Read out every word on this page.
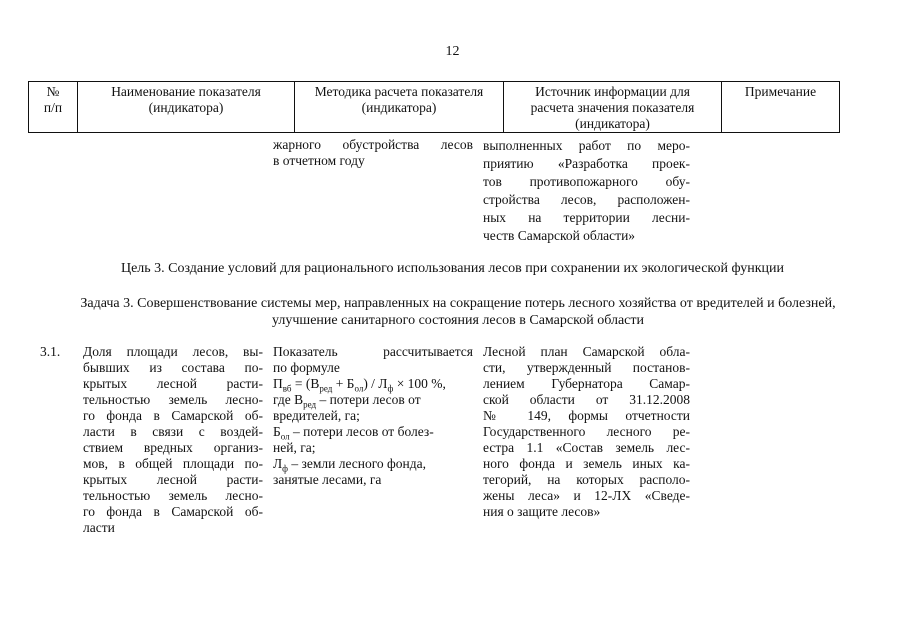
12
№
п/п
Наименование показателя
(индикатора)
Методика расчета показателя
(индикатора)
Источник информации для
расчета значения показателя
(индикатора)
Примечание
жарного обустройства лесов
в отчетном году
выполненных работ по меро-
приятию «Разработка проек-
тов противопожарного обу-
стройства лесов, расположен-
ных на территории лесни-
честв Самарской области»
Цель 3. Создание условий для рационального использования лесов при сохранении их экологической функции
Задача 3. Совершенствование системы мер, направленных на сокращение потерь лесного хозяйства от вредителей и болезней, улучшение санитарного состояния лесов в Самарской области
3.1. Доля площади лесов, вы-
бывших из состава по-
крытых лесной расти-
тельностью земель лесно-
го фонда в Самарской об-
ласти в связи с воздей-
ствием вредных организ-
мов, в общей площади по-
крытых лесной расти-
тельностью земель лесно-
го фонда в Самарской об-
ласти
Показатель рассчитывается
по формуле
$П_{вб} = (В_{ред} + Б_{ол}) / Л_ф \times 100$ %,
где $В_{ред}$ – потери лесов от
вредителей, га;
$Б_{ол}$ – потери лесов от болез-
ней, га;
$Л_ф$ – земли лесного фонда,
занятые лесами, га
Лесной план Самарской обла-
сти, утвержденный постанов-
лением Губернатора Самар-
ской области от 31.12.2008
№ 149, формы отчетности
Государственного лесного ре-
естра 1.1 «Состав земель лес-
ного фонда и земель иных ка-
тегорий, на которых располо-
жены леса» и 12-ЛХ «Сведе-
ния о защите лесов»
